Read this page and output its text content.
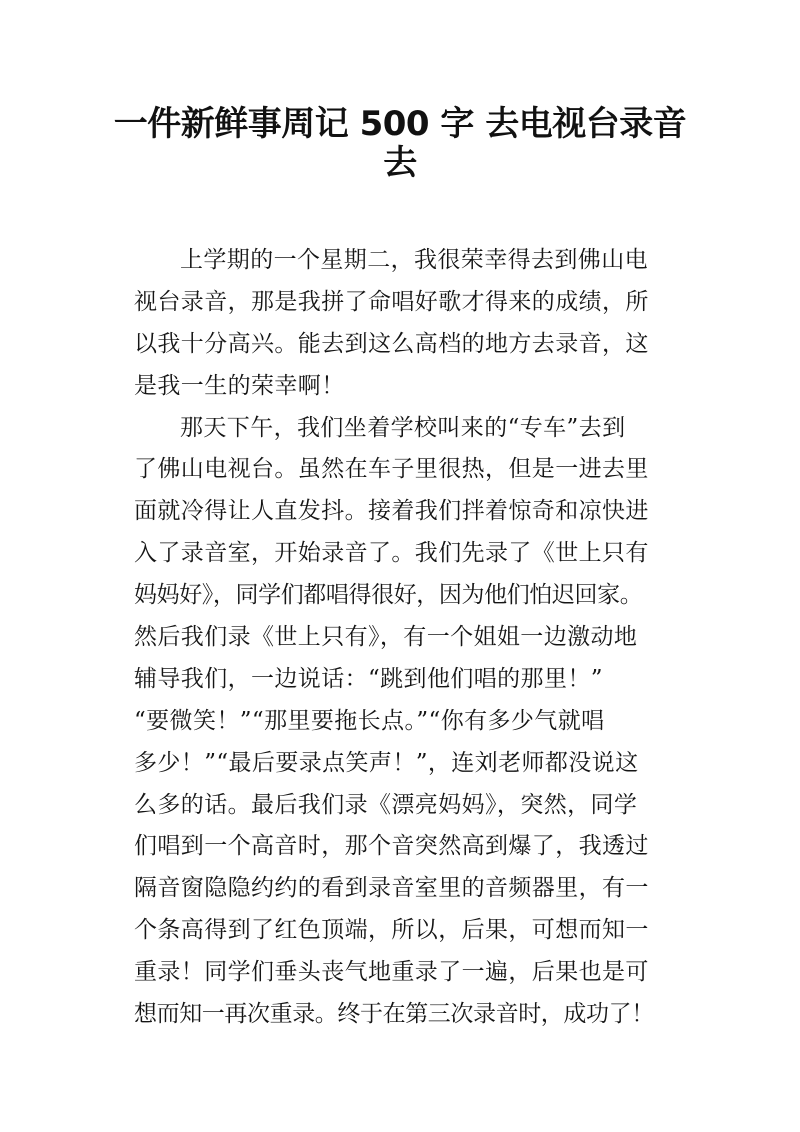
一件新鲜事周记 500 字 去电视台录音
去
上学期的一个星期二，我很荣幸得去到佛山电
视台录音，那是我拼了命唱好歌才得来的成绩，所
以我十分高兴。能去到这么高档的地方去录音，这
是我一生的荣幸啊！
那天下午，我们坐着学校叫来的“专车”去到
了佛山电视台。虽然在车子里很热，但是一进去里
面就冷得让人直发抖。接着我们拌着惊奇和凉快进
入了录音室，开始录音了。我们先录了《世上只有
妈妈好》，同学们都唱得很好，因为他们怕迟回家。
然后我们录《世上只有》，有一个姐姐一边激动地
辅导我们，一边说话：“跳到他们唱的那里！”
“要微笑！”“那里要拖长点。”“你有多少气就唱
多少！”“最后要录点笑声！”，连刘老师都没说这
么多的话。最后我们录《漂亮妈妈》，突然，同学
们唱到一个高音时，那个音突然高到爆了，我透过
隔音窗隐隐约约的看到录音室里的音频器里，有一
个条高得到了红色顶端，所以，后果，可想而知一
重录！同学们垂头丧气地重录了一遍，后果也是可
想而知一再次重录。终于在第三次录音时，成功了！
